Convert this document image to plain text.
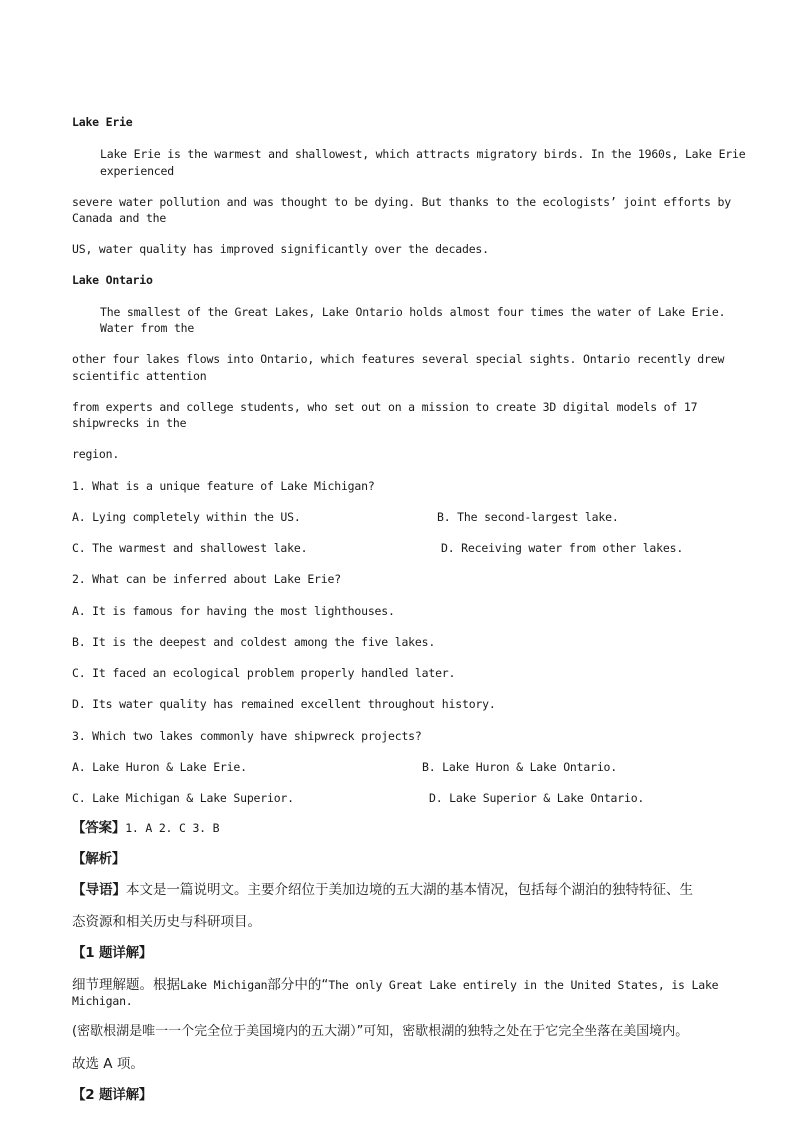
Lake Erie
Lake Erie is the warmest and shallowest, which attracts migratory birds. In the 1960s, Lake Erie
experienced
severe water pollution and was thought to be dying. But thanks to the ecologists’ joint efforts by
Canada and the
US, water quality has improved significantly over the decades.
Lake Ontario
The smallest of the Great Lakes, Lake Ontario holds almost four times the water of Lake Erie.
Water from the
other four lakes flows into Ontario, which features several special sights. Ontario recently drew
scientific attention
from experts and college students, who set out on a mission to create 3D digital models of 17
shipwrecks in the
region.
1. What is a unique feature of Lake Michigan?
A. Lying completely within the US.	B. The second-largest lake.
C. The warmest and shallowest lake.	D. Receiving water from other lakes.
2. What can be inferred about Lake Erie?
A. It is famous for having the most lighthouses.
B. It is the deepest and coldest among the five lakes.
C. It faced an ecological problem properly handled later.
D. Its water quality has remained excellent throughout history.
3. Which two lakes commonly have shipwreck projects?
A. Lake Huron & Lake Erie.	B. Lake Huron & Lake Ontario.
C. Lake Michigan & Lake Superior.	D. Lake Superior & Lake Ontario.
【答案】1. A 2. C 3. B
【解析】
【导语】本文是一篇说明文。主要介绍位于美加边境的五大湖的基本情况，包括每个湖泊的独特特征、生
态资源和相关历史与科研项目。
【1 题详解】
细节理解题。根据Lake Michigan部分中的“The only Great Lake entirely in the United States, is Lake
Michigan.
(密歇根湖是唯一一个完全位于美国境内的五大湖）”可知，密歇根湖的独特之处在于它完全坐落在美国境内。
故选 A 项。
【2 题详解】
